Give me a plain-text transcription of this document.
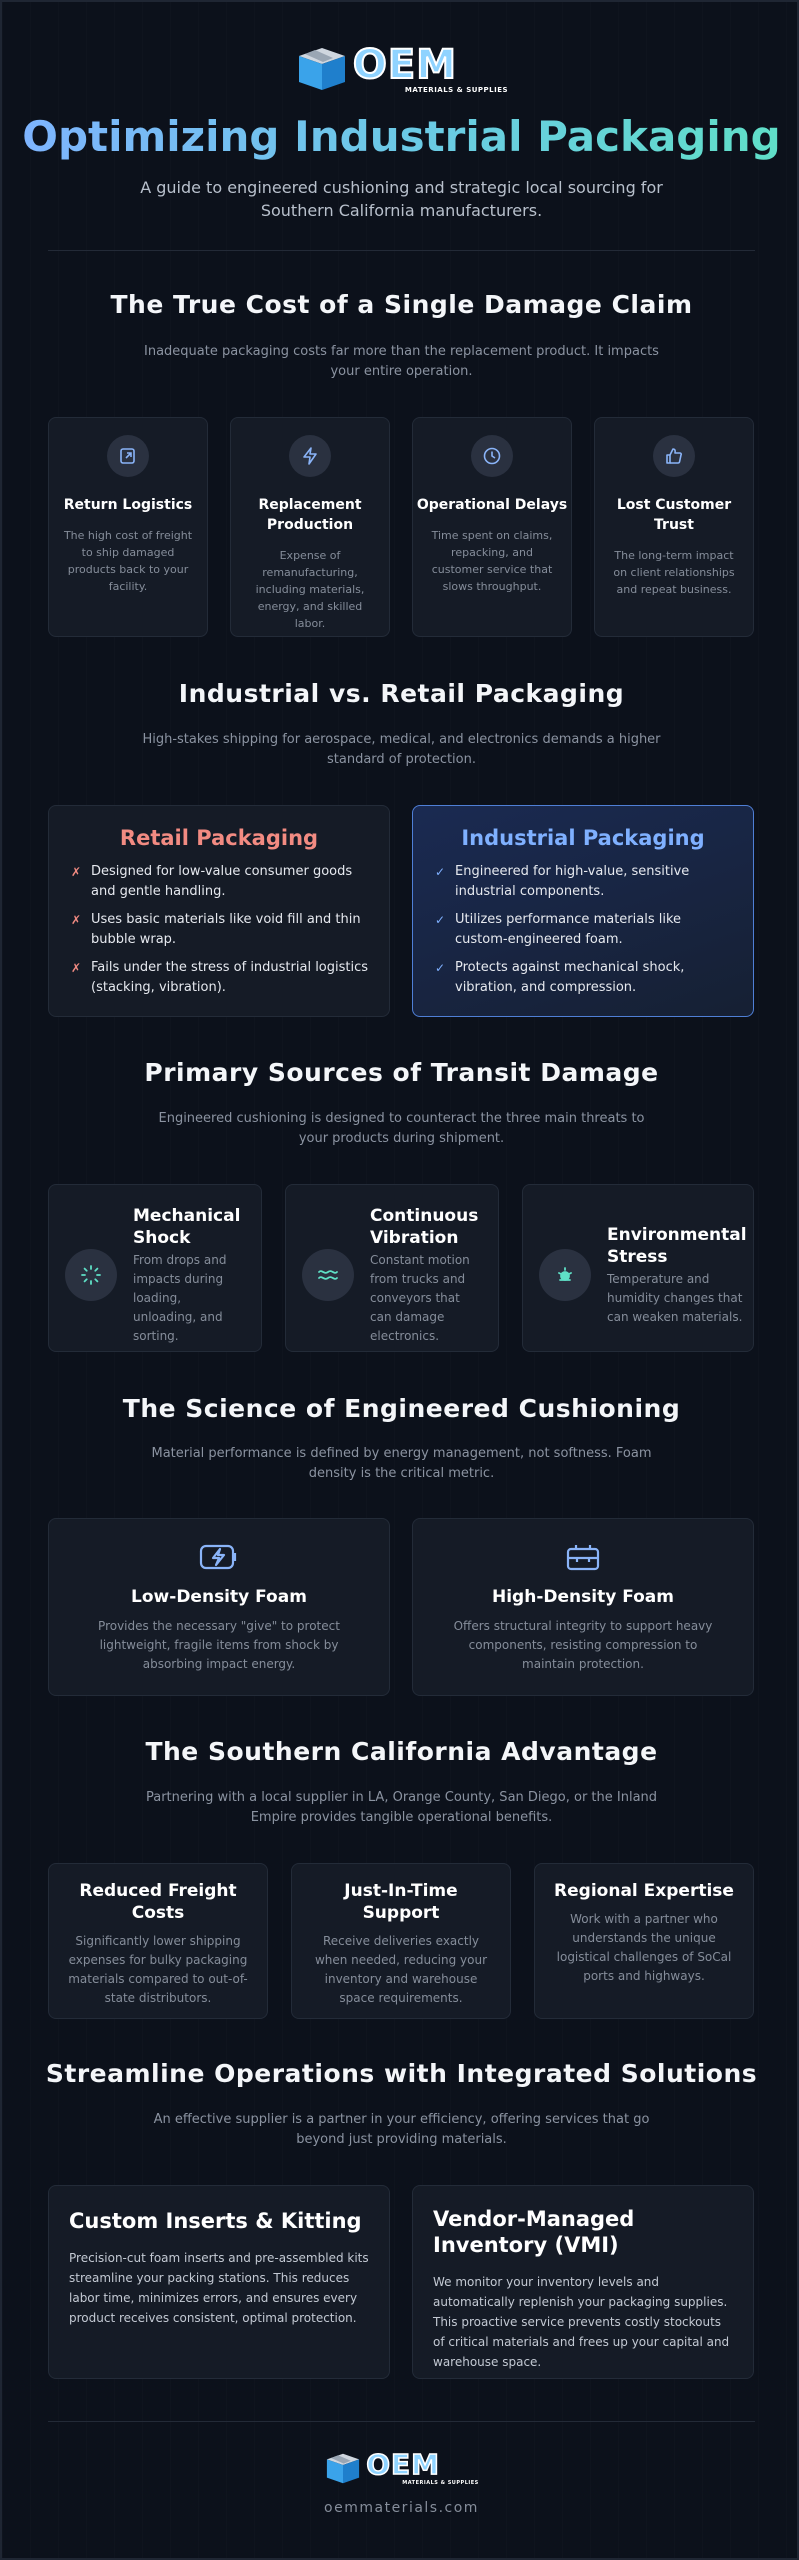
OEM
MATERIALS & SUPPLIES
Optimizing Industrial Packaging

A guide to engineered cushioning and strategic local sourcing for Southern California manufacturers.

The True Cost of a Single Damage Claim

Inadequate packaging costs far more than the replacement product. It impacts your entire operation.

Return Logistics
The high cost of freight to ship damaged products back to your facility.
Replacement Production
Expense of remanufacturing, including materials, energy, and skilled labor.
Operational Delays
Time spent on claims, repacking, and customer service that slows throughput.
Lost Customer Trust
The long-term impact on client relationships and repeat business.
Industrial vs. Retail Packaging

High-stakes shipping for aerospace, medical, and electronics demands a higher standard of protection.

Retail Packaging
✗ Designed for low-value consumer goods and gentle handling.
✗ Uses basic materials like void fill and thin bubble wrap.
✗ Fails under the stress of industrial logistics (stacking, vibration).
Industrial Packaging
✓ Engineered for high-value, sensitive industrial components.
✓ Utilizes performance materials like custom-engineered foam.
✓ Protects against mechanical shock, vibration, and compression.
Primary Sources of Transit Damage

Engineered cushioning is designed to counteract the three main threats to your products during shipment.

Mechanical Shock
From drops and impacts during loading, unloading, and sorting.
Continuous Vibration
Constant motion from trucks and conveyors that can damage electronics.
Environmental Stress
Temperature and humidity changes that can weaken materials.
The Science of Engineered Cushioning

Material performance is defined by energy management, not softness. Foam density is the critical metric.

Low-Density Foam
Provides the necessary "give" to protect lightweight, fragile items from shock by absorbing impact energy.
High-Density Foam
Offers structural integrity to support heavy components, resisting compression to maintain protection.
The Southern California Advantage

Partnering with a local supplier in LA, Orange County, San Diego, or the Inland Empire provides tangible operational benefits.

Reduced Freight Costs
Significantly lower shipping expenses for bulky packaging materials compared to out-of-state distributors.
Just-In-Time Support
Receive deliveries exactly when needed, reducing your inventory and warehouse space requirements.
Regional Expertise
Work with a partner who understands the unique logistical challenges of SoCal ports and highways.
Streamline Operations with Integrated Solutions

An effective supplier is a partner in your efficiency, offering services that go beyond just providing materials.

Custom Inserts & Kitting
Precision-cut foam inserts and pre-assembled kits streamline your packing stations. This reduces labor time, minimizes errors, and ensures every product receives consistent, optimal protection.
Vendor-Managed Inventory (VMI)
We monitor your inventory levels and automatically replenish your packaging supplies. This proactive service prevents costly stockouts of critical materials and frees up your capital and warehouse space.
OEM
MATERIALS & SUPPLIES
oemmaterials.com
